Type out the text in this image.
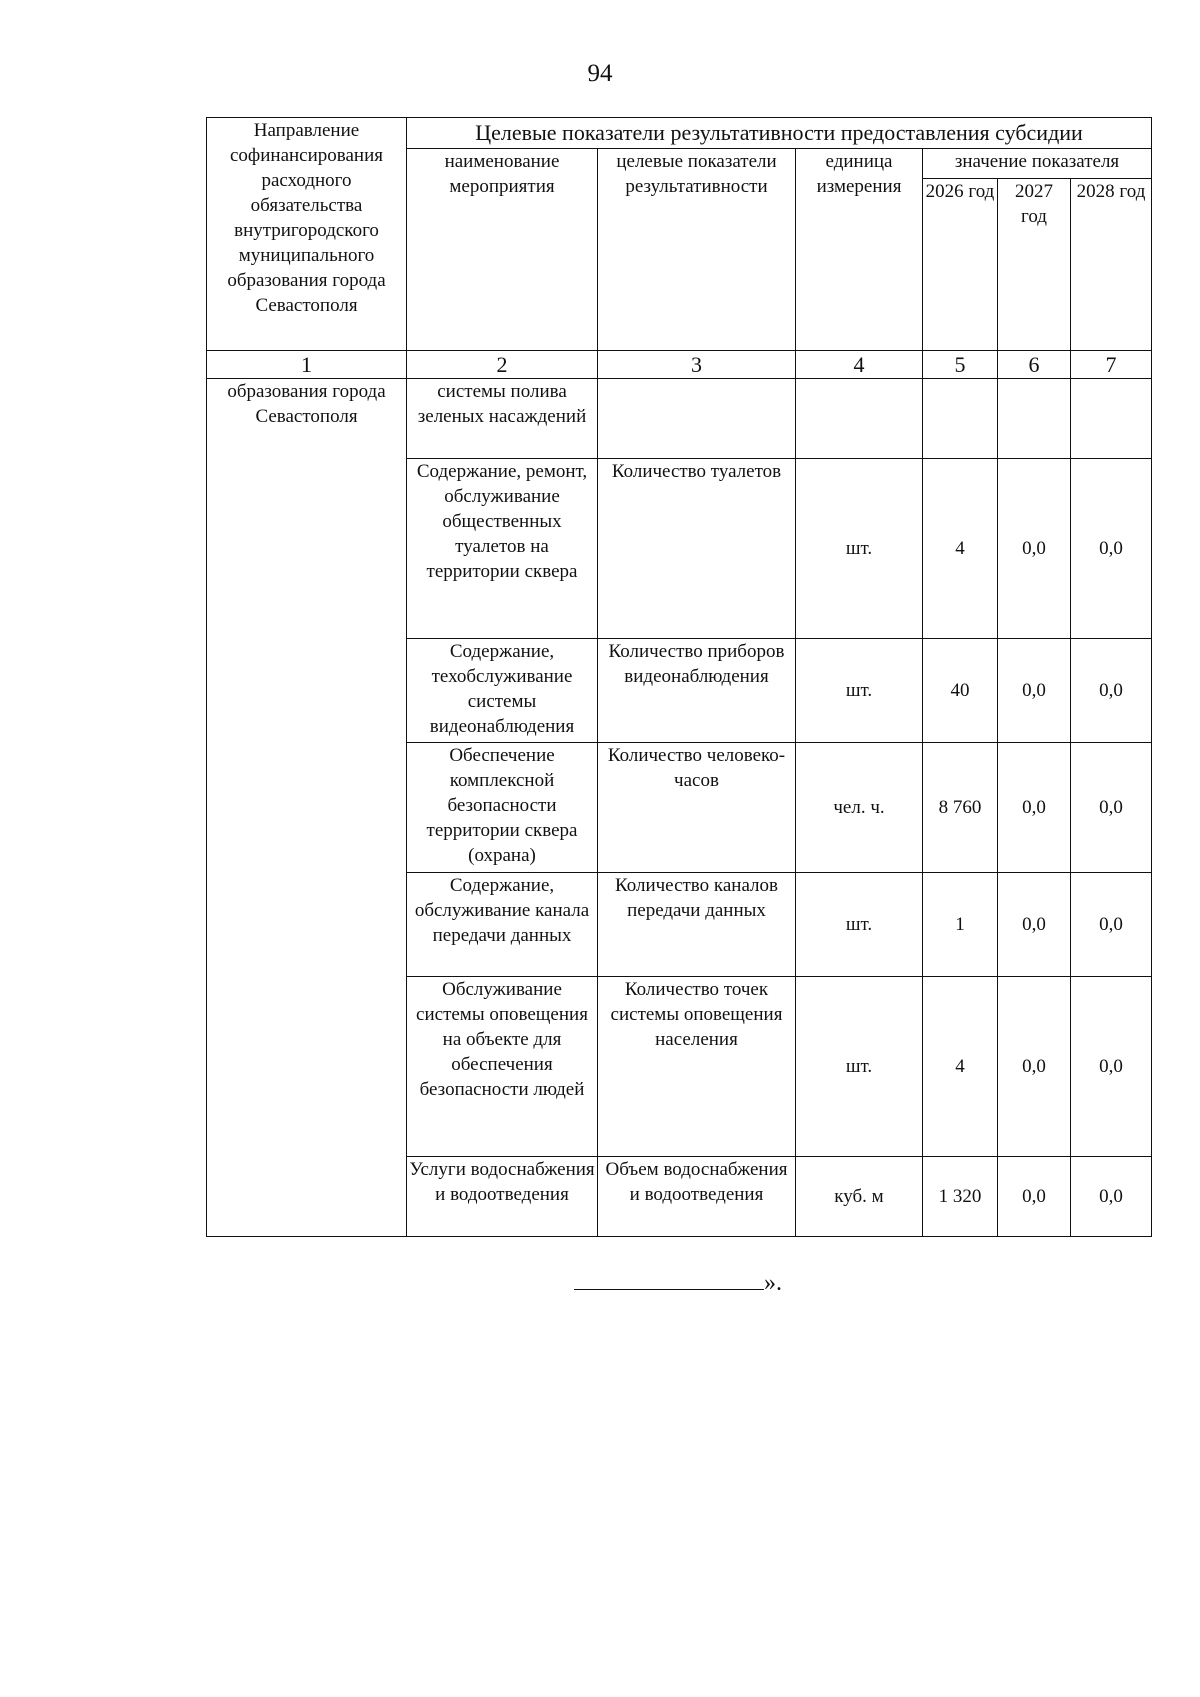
94
Направление софинансирования расходного обязательства внутригородского муниципального образования города Севастополя	Целевые показатели результативности предоставления субсидии					
	наименование мероприятия	целевые показатели результативности	единица измерения	значение показателя		
				2026 год	2027 год	2028 год
1	2	3	4	5	6	7
образования города Севастополя	системы полива зеленых насаждений					
	Содержание, ремонт, обслуживание общественных туалетов на территории сквера	Количество туалетов	шт.	4	0,0	0,0
	Содержание, техобслуживание системы видеонаблюдения	Количество приборов видеонаблюдения	шт.	40	0,0	0,0
	Обеспечение комплексной безопасности территории сквера (охрана)	Количество человеко-часов	чел. ч.	8 760	0,0	0,0
	Содержание, обслуживание канала передачи данных	Количество каналов передачи данных	шт.	1	0,0	0,0
	Обслуживание системы оповещения на объекте для обеспечения безопасности людей	Количество точек системы оповещения населения	шт.	4	0,0	0,0
	Услуги водоснабжения и водоотведения	Объем водоснабжения и водоотведения	куб. м	1 320	0,0	0,0
».
